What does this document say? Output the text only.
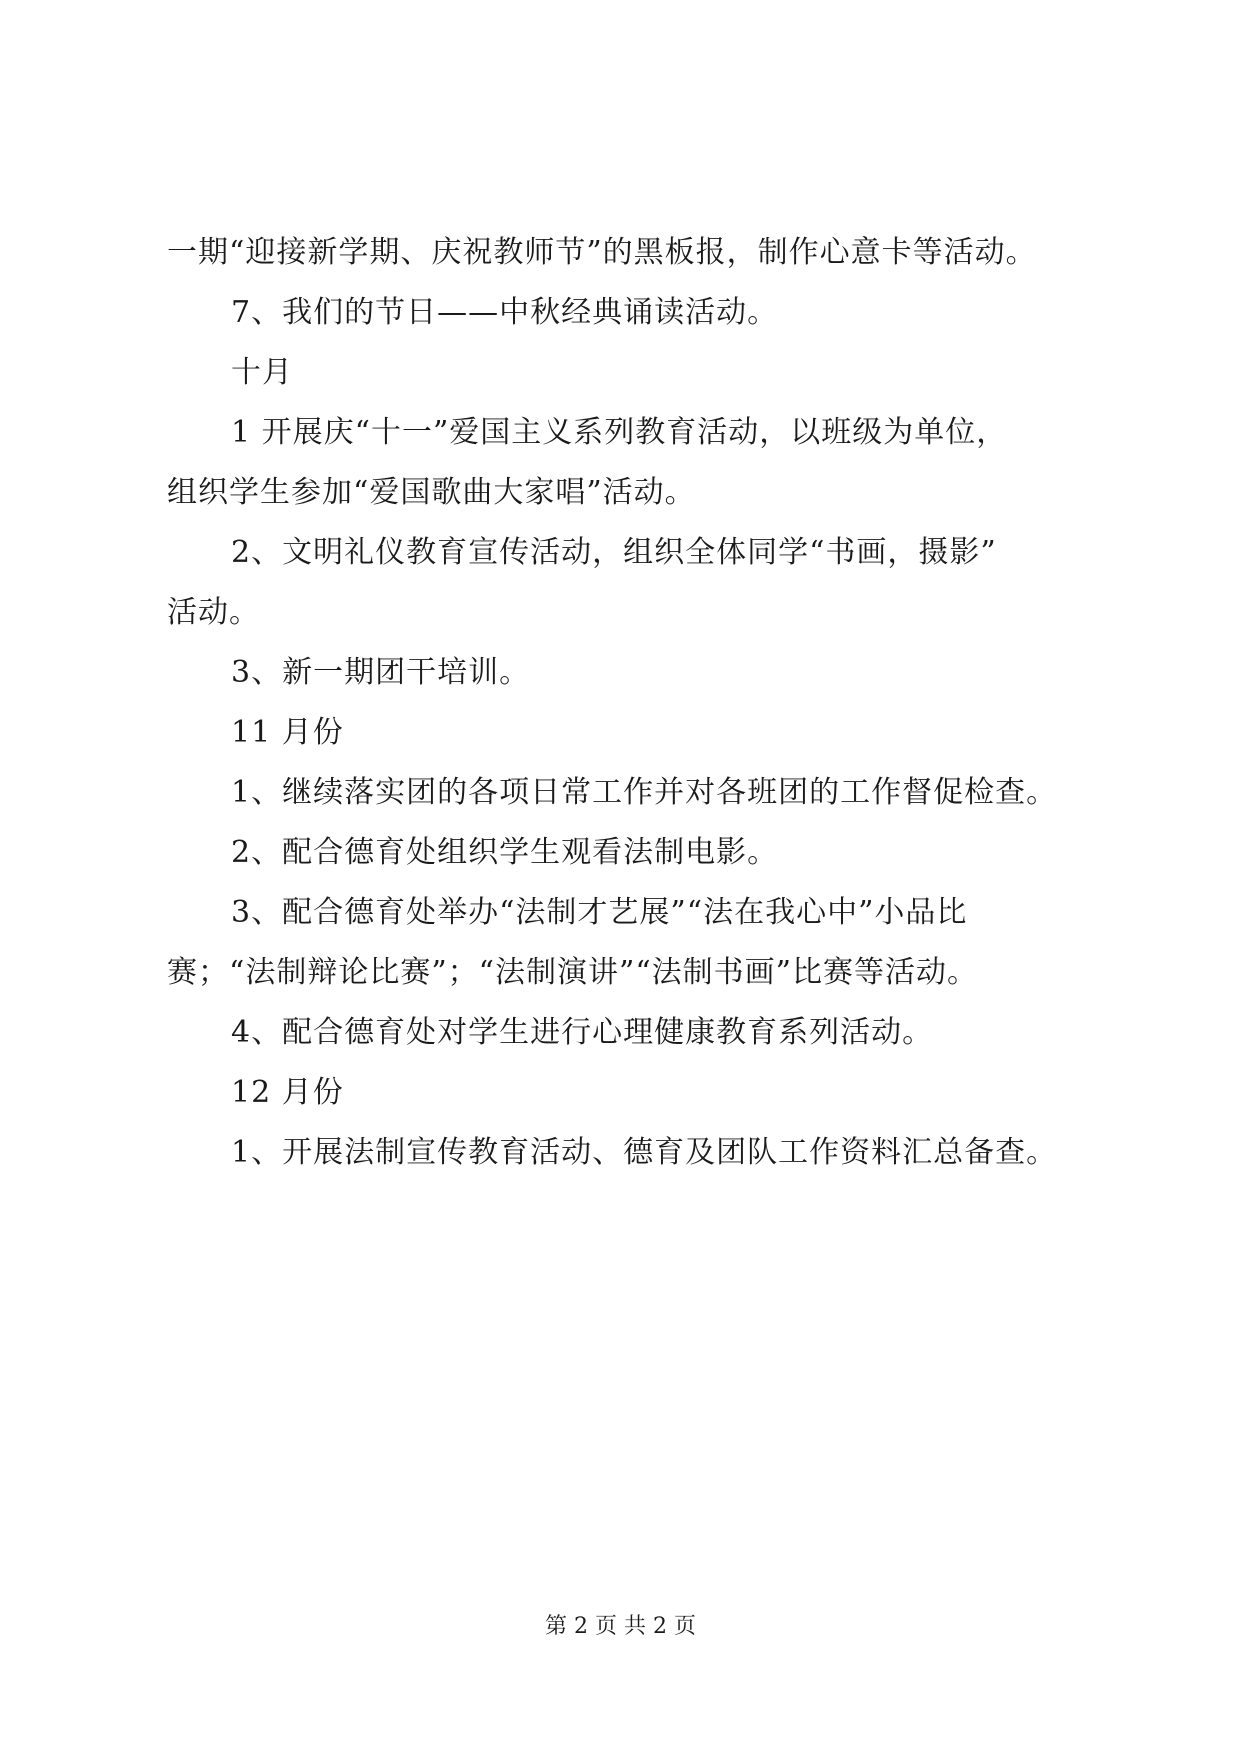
一期“迎接新学期、庆祝教师节”的黑板报，制作心意卡等活动。
7、我们的节日——中秋经典诵读活动。
十月
1 开展庆“十一”爱国主义系列教育活动，以班级为单位，
组织学生参加“爱国歌曲大家唱”活动。
2、文明礼仪教育宣传活动，组织全体同学“书画，摄影”
活动。
3、新一期团干培训。
11 月份
1、继续落实团的各项日常工作并对各班团的工作督促检查。
2、配合德育处组织学生观看法制电影。
3、配合德育处举办“法制才艺展”“法在我心中”小品比
赛；“法制辩论比赛”；“法制演讲”“法制书画”比赛等活动。
4、配合德育处对学生进行心理健康教育系列活动。
12 月份
1、开展法制宣传教育活动、德育及团队工作资料汇总备查。
第 2 页 共 2 页
